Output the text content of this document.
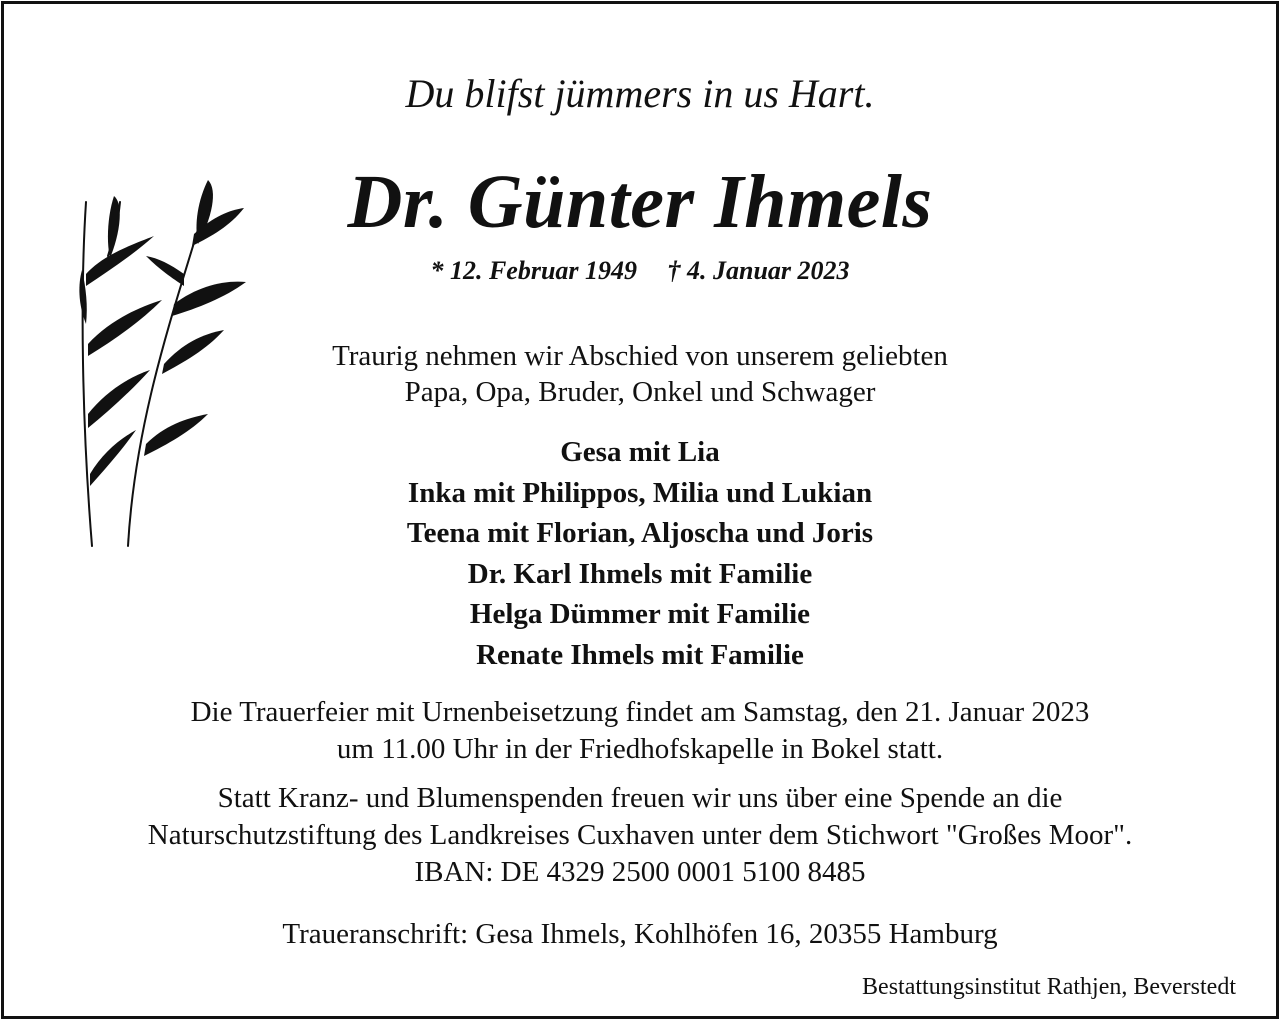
Du blifst jümmers in us Hart.
Dr. Günter Ihmels
* 12. Februar 1949 † 4. Januar 2023
Traurig nehmen wir Abschied von unserem geliebten
Papa, Opa, Bruder, Onkel und Schwager
Gesa mit Lia
Inka mit Philippos, Milia und Lukian
Teena mit Florian, Aljoscha und Joris
Dr. Karl Ihmels mit Familie
Helga Dümmer mit Familie
Renate Ihmels mit Familie
Die Trauerfeier mit Urnenbeisetzung findet am Samstag, den 21. Januar 2023
um 11.00 Uhr in der Friedhofskapelle in Bokel statt.
Statt Kranz- und Blumenspenden freuen wir uns über eine Spende an die
Naturschutzstiftung des Landkreises Cuxhaven unter dem Stichwort "Großes Moor".
IBAN: DE 4329 2500 0001 5100 8485
Traueranschrift: Gesa Ihmels, Kohlhöfen 16, 20355 Hamburg
Bestattungsinstitut Rathjen, Beverstedt
